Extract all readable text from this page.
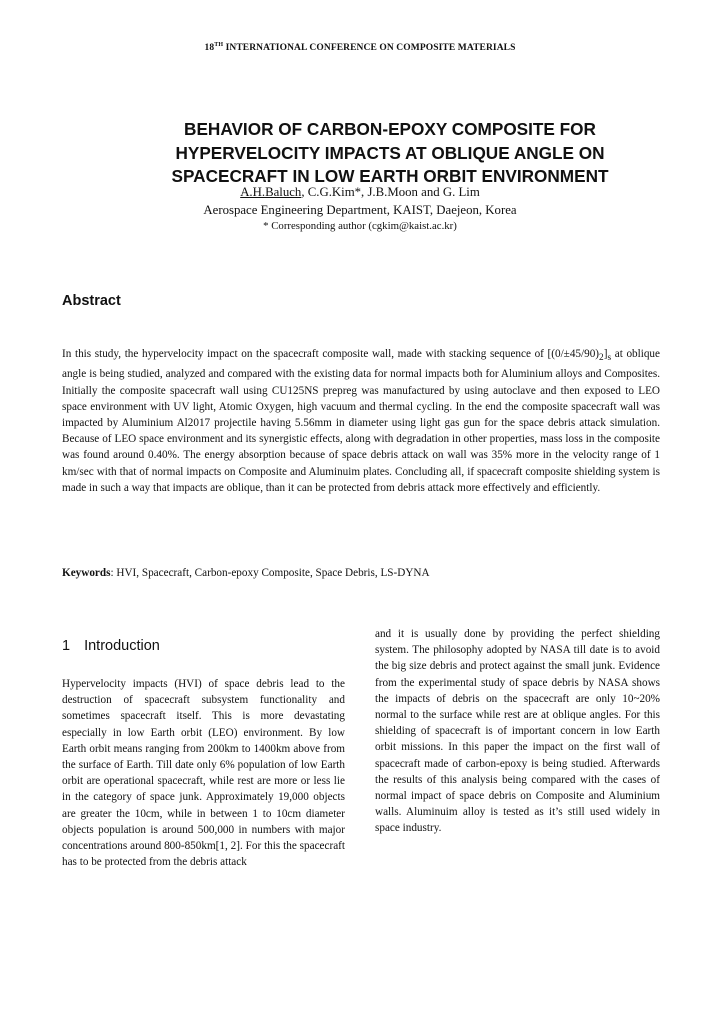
18TH INTERNATIONAL CONFERENCE ON COMPOSITE MATERIALS
BEHAVIOR OF CARBON-EPOXY COMPOSITE FOR
HYPERVELOCITY IMPACTS AT OBLIQUE ANGLE ON
SPACECRAFT IN LOW EARTH ORBIT ENVIRONMENT
A.H.Baluch, C.G.Kim*, J.B.Moon and G. Lim
Aerospace Engineering Department, KAIST, Daejeon, Korea
* Corresponding author (cgkim@kaist.ac.kr)
Abstract

In this study, the hypervelocity impact on the spacecraft composite wall, made with stacking sequence of $[(0/\pm 45/90)_2]_s$ at oblique angle is being studied, analyzed and compared with the existing data for normal impacts both for Aluminium alloys and Composites. Initially the composite spacecraft wall using CU125NS prepreg was manufactured by using autoclave and then exposed to LEO space environment with UV light, Atomic Oxygen, high vacuum and thermal cycling. In the end the composite spacecraft wall was impacted by Aluminium Al2017 projectile having 5.56mm in diameter using light gas gun for the space debris attack simulation. Because of LEO space environment and its synergistic effects, along with degradation in other properties, mass loss in the composite was found around 0.40%. The energy absorption because of space debris attack on wall was 35% more in the velocity range of 1 km/sec with that of normal impacts on Composite and Aluminuim plates. Concluding all, if spacecraft composite shielding system is made in such a way that impacts are oblique, than it can be protected from debris attack more effectively and efficiently.

Keywords: HVI, Spacecraft, Carbon-epoxy Composite, Space Debris, LS-DYNA
1 Introduction

Hypervelocity impacts (HVI) of space debris lead to the destruction of spacecraft subsystem functionality and sometimes spacecraft itself. This is more devastating especially in low Earth orbit (LEO) environment. By low Earth orbit means ranging from 200km to 1400km above from the surface of Earth. Till date only 6% population of low Earth orbit are operational spacecraft, while rest are more or less lie in the category of space junk. Approximately 19,000 objects are greater the 10cm, while in between 1 to 10cm diameter objects population is around 500,000 in numbers with major concentrations around 800-850km[1, 2]. For this the spacecraft has to be protected from the debris attack

and it is usually done by providing the perfect shielding system. The philosophy adopted by NASA till date is to avoid the big size debris and protect against the small junk. Evidence from the experimental study of space debris by NASA shows the impacts of debris on the spacecraft are only 10~20% normal to the surface while rest are at oblique angles. For this shielding of spacecraft is of important concern in low Earth orbit missions. In this paper the impact on the first wall of spacecraft made of carbon-epoxy is being studied. Afterwards the results of this analysis being compared with the cases of normal impact of space debris on Composite and Aluminium walls. Aluminuim alloy is tested as it’s still used widely in space industry.
